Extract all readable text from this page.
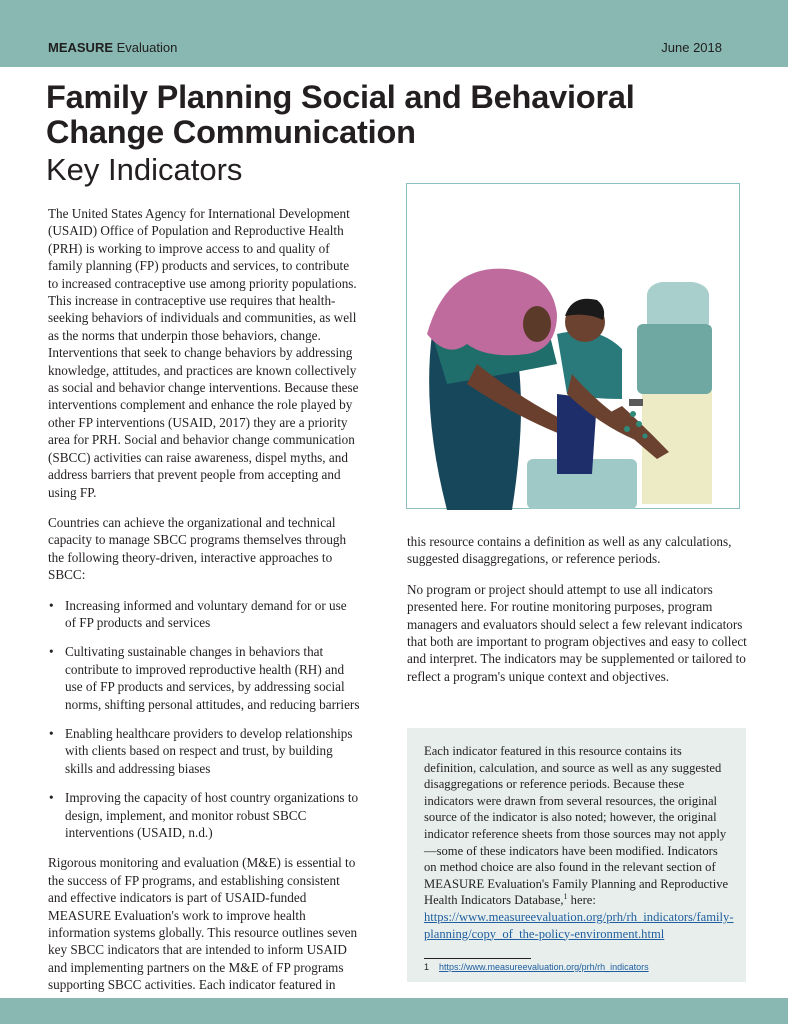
MEASURE Evaluation	June 2018
Family Planning Social and Behavioral Change Communication
Key Indicators

The United States Agency for International Development (USAID) Office of Population and Reproductive Health (PRH) is working to improve access to and quality of family planning (FP) products and services, to contribute to increased contraceptive use among priority populations. This increase in contraceptive use requires that health-seeking behaviors of individuals and communities, as well as the norms that underpin those behaviors, change. Interventions that seek to change behaviors by addressing knowledge, attitudes, and practices are known collectively as social and behavior change interventions. Because these interventions complement and enhance the role played by other FP interventions (USAID, 2017) they are a priority area for PRH. Social and behavior change communication (SBCC) activities can raise awareness, dispel myths, and address barriers that prevent people from accepting and using FP.

Countries can achieve the organizational and technical capacity to manage SBCC programs themselves through the following theory-driven, interactive approaches to SBCC:

• Increasing informed and voluntary demand for or use of FP products and services
• Cultivating sustainable changes in behaviors that contribute to improved reproductive health (RH) and use of FP products and services, by addressing social norms, shifting personal attitudes, and reducing barriers
• Enabling healthcare providers to develop relationships with clients based on respect and trust, by building skills and addressing biases
• Improving the capacity of host country organizations to design, implement, and monitor robust SBCC interventions (USAID, n.d.)

Rigorous monitoring and evaluation (M&E) is essential to the success of FP programs, and establishing consistent and effective indicators is part of USAID-funded MEASURE Evaluation's work to improve health information systems globally. This resource outlines seven key SBCC indicators that are intended to inform USAID and implementing partners on the M&E of FP programs supporting SBCC activities. Each indicator featured in

this resource contains a definition as well as any calculations, suggested disaggregations, or reference periods.

No program or project should attempt to use all indicators presented here. For routine monitoring purposes, program managers and evaluators should select a few relevant indicators that both are important to program objectives and easy to collect and interpret. The indicators may be supplemented or tailored to reflect a program's unique context and objectives.

Each indicator featured in this resource contains its definition, calculation, and source as well as any suggested disaggregations or reference periods. Because these indicators were drawn from several resources, the original source of the indicator is also noted; however, the original indicator reference sheets from those sources may not apply—some of these indicators have been modified. Indicators on method choice are also found in the relevant section of MEASURE Evaluation's Family Planning and Reproductive Health Indicators Database,$^1$ here: https://www.measureevaluation.org/prh/rh_indicators/family-planning/copy_of_the-policy-environment.html
1 https://www.measureevaluation.org/prh/rh_indicators
